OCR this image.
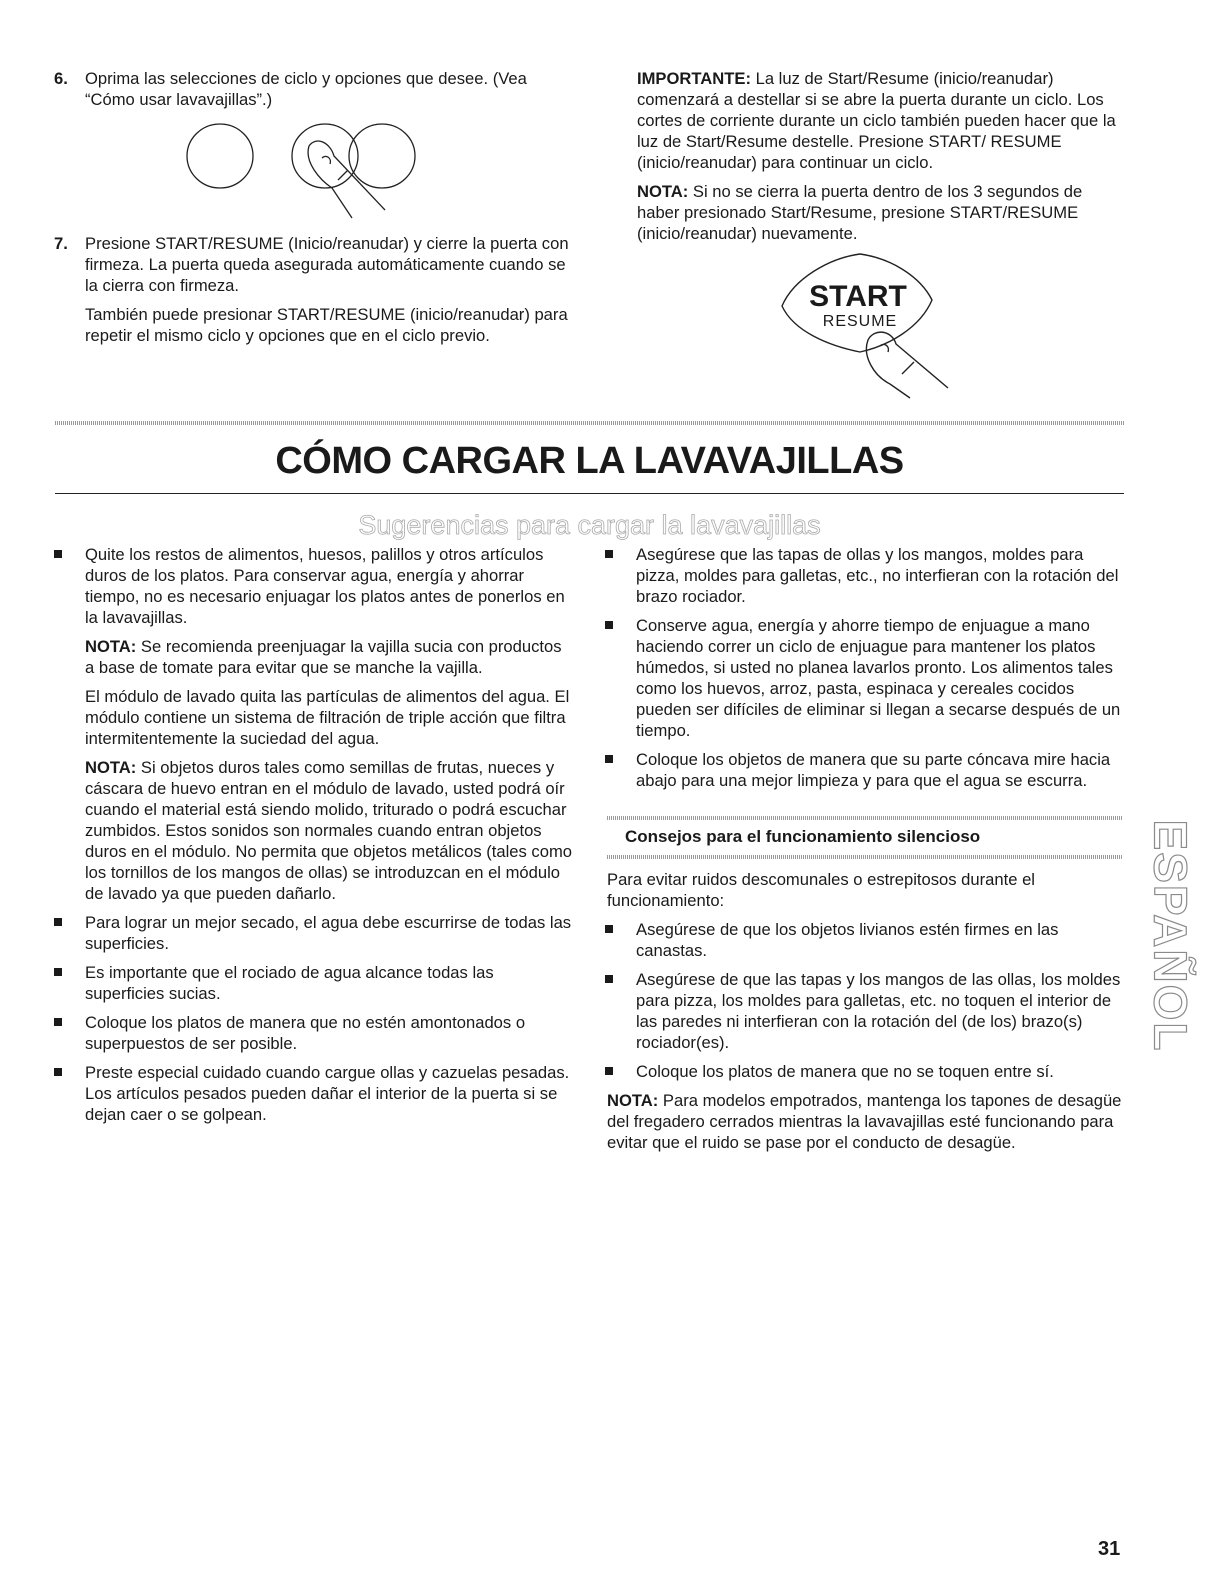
6. Oprima las selecciones de ciclo y opciones que desee. (Vea “Cómo usar lavavajillas”.)

7. Presione START/RESUME (Inicio/reanudar) y cierre la puerta con firmeza. La puerta queda asegurada automáticamente cuando se la cierra con firmeza.

También puede presionar START/RESUME (inicio/reanudar) para repetir el mismo ciclo y opciones que en el ciclo previo.

IMPORTANTE: La luz de Start/Resume (inicio/reanudar) comenzará a destellar si se abre la puerta durante un ciclo. Los cortes de corriente durante un ciclo también pueden hacer que la luz de Start/Resume destelle. Presione START/ RESUME (inicio/reanudar) para continuar un ciclo.

NOTA: Si no se cierra la puerta dentro de los 3 segundos de haber presionado Start/Resume, presione START/RESUME (inicio/reanudar) nuevamente.

START
RESUME
CÓMO CARGAR LA LAVAVAJILLAS
Sugerencias para cargar la lavavajillas

Quite los restos de alimentos, huesos, palillos y otros artículos duros de los platos. Para conservar agua, energía y ahorrar tiempo, no es necesario enjuagar los platos antes de ponerlos en la lavavajillas.

NOTA: Se recomienda preenjuagar la vajilla sucia con productos a base de tomate para evitar que se manche la vajilla.

El módulo de lavado quita las partículas de alimentos del agua. El módulo contiene un sistema de filtración de triple acción que filtra intermitentemente la suciedad del agua.

NOTA: Si objetos duros tales como semillas de frutas, nueces y cáscara de huevo entran en el módulo de lavado, usted podrá oír cuando el material está siendo molido, triturado o podrá escuchar zumbidos. Estos sonidos son normales cuando entran objetos duros en el módulo. No permita que objetos metálicos (tales como los tornillos de los mangos de ollas) se introduzcan en el módulo de lavado ya que pueden dañarlo.

Para lograr un mejor secado, el agua debe escurrirse de todas las superficies.
Es importante que el rociado de agua alcance todas las superficies sucias.
Coloque los platos de manera que no estén amontonados o superpuestos de ser posible.
Preste especial cuidado cuando cargue ollas y cazuelas pesadas. Los artículos pesados pueden dañar el interior de la puerta si se dejan caer o se golpean.
Asegúrese que las tapas de ollas y los mangos, moldes para pizza, moldes para galletas, etc., no interfieran con la rotación del brazo rociador.
Conserve agua, energía y ahorre tiempo de enjuague a mano haciendo correr un ciclo de enjuague para mantener los platos húmedos, si usted no planea lavarlos pronto. Los alimentos tales como los huevos, arroz, pasta, espinaca y cereales cocidos pueden ser difíciles de eliminar si llegan a secarse después de un tiempo.
Coloque los objetos de manera que su parte cóncava mire hacia abajo para una mejor limpieza y para que el agua se escurra.
Consejos para el funcionamiento silencioso

Para evitar ruidos descomunales o estrepitosos durante el funcionamiento:

Asegúrese de que los objetos livianos estén firmes en las canastas.
Asegúrese de que las tapas y los mangos de las ollas, los moldes para pizza, los moldes para galletas, etc. no toquen el interior de las paredes ni interfieran con la rotación del (de los) brazo(s) rociador(es).
Coloque los platos de manera que no se toquen entre sí.

NOTA: Para modelos empotrados, mantenga los tapones de desagüe del fregadero cerrados mientras la lavavajillas esté funcionando para evitar que el ruido se pase por el conducto de desagüe.

ESPAÑOL
31
